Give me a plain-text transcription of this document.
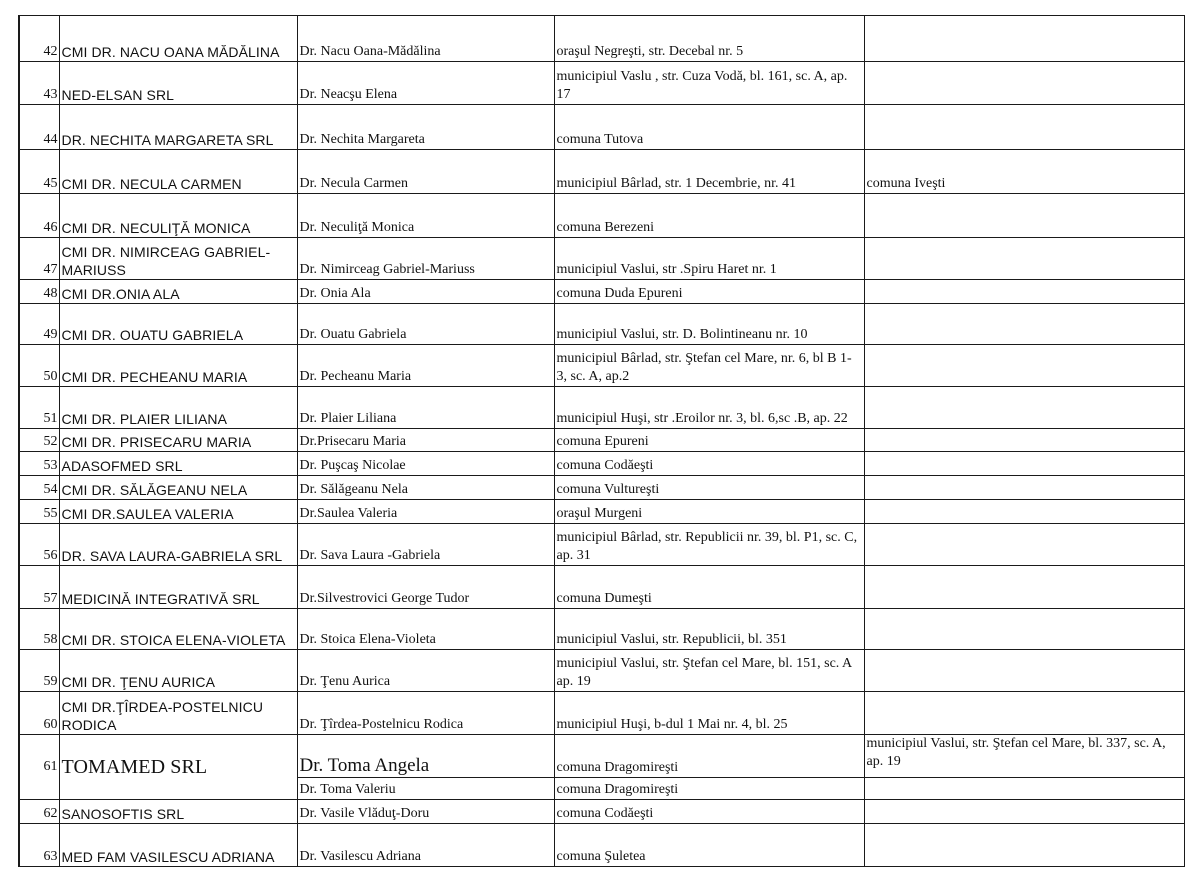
42	CMI DR. NACU OANA MĂDĂLINA	Dr. Nacu Oana-Mădălina	oraşul Negreşti, str. Decebal nr. 5	
43	NED-ELSAN SRL	Dr. Neacşu Elena	municipiul Vaslu , str. Cuza Vodă, bl. 161, sc. A, ap. 17	
44	DR. NECHITA MARGARETA SRL	Dr. Nechita Margareta	comuna Tutova	
45	CMI DR. NECULA CARMEN	Dr. Necula Carmen	municipiul Bârlad, str. 1 Decembrie, nr. 41	comuna Iveşti
46	CMI DR. NECULIŢĂ MONICA	Dr. Neculiţă Monica	comuna Berezeni	
47	CMI DR. NIMIRCEAG GABRIEL-MARIUSS	Dr. Nimirceag Gabriel-Mariuss	municipiul Vaslui, str .Spiru Haret nr. 1	
48	CMI DR.ONIA ALA	Dr. Onia Ala	comuna Duda Epureni	
49	CMI DR. OUATU GABRIELA	Dr. Ouatu Gabriela	municipiul Vaslui, str. D. Bolintineanu nr. 10	
50	CMI DR. PECHEANU MARIA	Dr. Pecheanu Maria	municipiul Bârlad, str. Ştefan cel Mare, nr. 6, bl B 1-3, sc. A, ap.2	
51	CMI DR. PLAIER LILIANA	Dr. Plaier Liliana	municipiul Huşi, str .Eroilor nr. 3, bl. 6,sc .B, ap. 22	
52	CMI DR. PRISECARU MARIA	Dr.Prisecaru Maria	comuna Epureni	
53	ADASOFMED SRL	Dr. Puşcaş Nicolae	comuna Codăeşti	
54	CMI DR. SĂLĂGEANU NELA	Dr. Sălăgeanu Nela	comuna Vultureşti	
55	CMI DR.SAULEA VALERIA	Dr.Saulea Valeria	oraşul Murgeni	
56	DR. SAVA LAURA-GABRIELA SRL	Dr. Sava Laura -Gabriela	municipiul Bârlad, str. Republicii nr. 39, bl. P1, sc. C, ap. 31	
57	MEDICINĂ INTEGRATIVĂ SRL	Dr.Silvestrovici George Tudor	comuna Dumeşti	
58	CMI DR. STOICA ELENA-VIOLETA	Dr. Stoica Elena-Violeta	municipiul Vaslui, str. Republicii, bl. 351	
59	CMI DR. ŢENU AURICA	Dr. Ţenu Aurica	municipiul Vaslui, str. Ştefan cel Mare, bl. 151, sc. A ap. 19	
60	CMI DR.ŢÎRDEA-POSTELNICU RODICA	Dr. Ţîrdea-Postelnicu Rodica	municipiul Huşi, b-dul 1 Mai nr. 4, bl. 25	
61	TOMAMED SRL	Dr. Toma Angela	comuna Dragomireşti	municipiul Vaslui, str. Ştefan cel Mare, bl. 337, sc. A, ap. 19
		Dr. Toma Valeriu	comuna Dragomireşti	
62	SANOSOFTIS SRL	Dr. Vasile Vlăduţ-Doru	comuna Codăeşti	
63	MED FAM VASILESCU ADRIANA	Dr. Vasilescu Adriana	comuna Şuletea	
